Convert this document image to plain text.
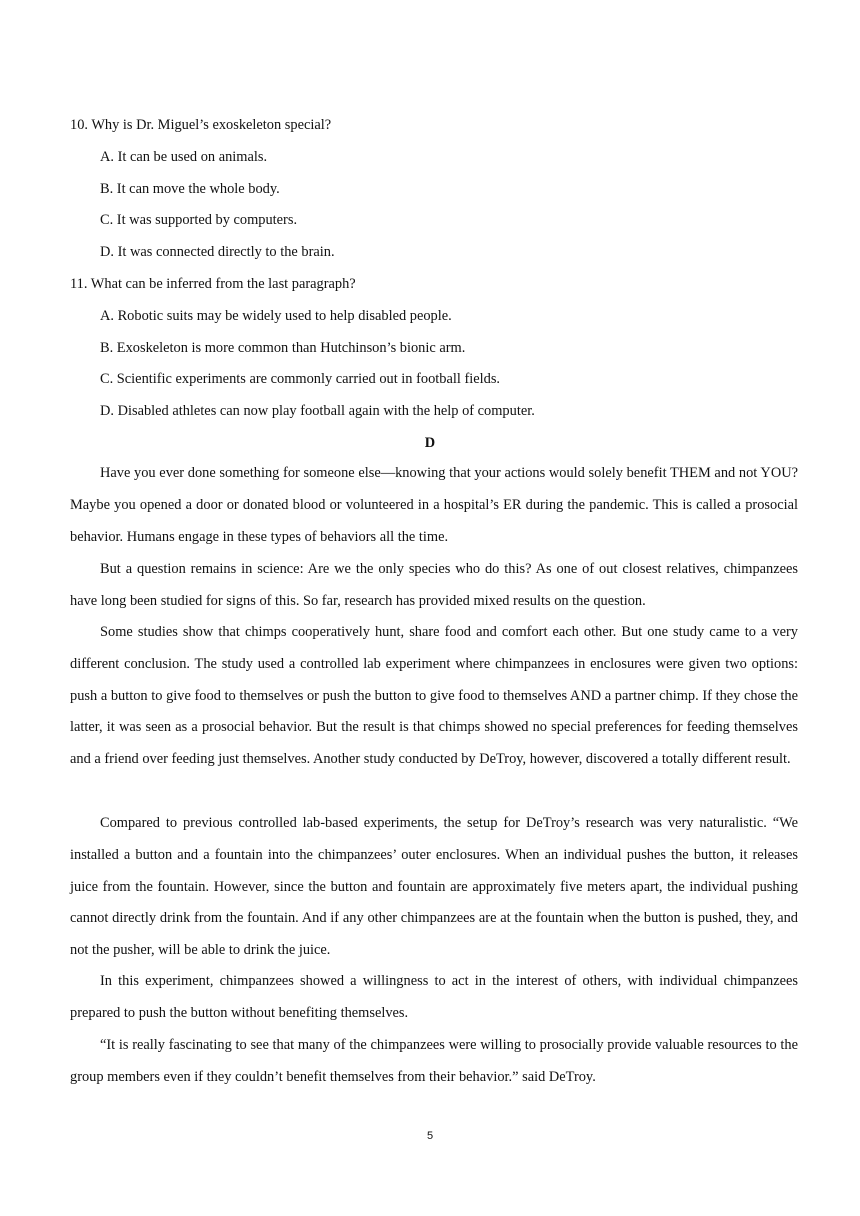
10. Why is Dr. Miguel’s exoskeleton special?
A. It can be used on animals.
B. It can move the whole body.
C. It was supported by computers.
D. It was connected directly to the brain.
11. What can be inferred from the last paragraph?
A. Robotic suits may be widely used to help disabled people.
B. Exoskeleton is more common than Hutchinson’s bionic arm.
C. Scientific experiments are commonly carried out in football fields.
D. Disabled athletes can now play football again with the help of computer.
D

Have you ever done something for someone else—knowing that your actions would solely benefit THEM and not YOU? Maybe you opened a door or donated blood or volunteered in a hospital’s ER during the pandemic. This is called a prosocial behavior. Humans engage in these types of behaviors all the time.

But a question remains in science: Are we the only species who do this? As one of out closest relatives, chimpanzees have long been studied for signs of this. So far, research has provided mixed results on the question.

Some studies show that chimps cooperatively hunt, share food and comfort each other. But one study came to a very different conclusion. The study used a controlled lab experiment where chimpanzees in enclosures were given two options: push a button to give food to themselves or push the button to give food to themselves AND a partner chimp. If they chose the latter, it was seen as a prosocial behavior. But the result is that chimps showed no special preferences for feeding themselves and a friend over feeding just themselves. Another study conducted by DeTroy, however, discovered a totally different result.

Compared to previous controlled lab-based experiments, the setup for DeTroy’s research was very naturalistic. “We installed a button and a fountain into the chimpanzees’ outer enclosures. When an individual pushes the button, it releases juice from the fountain. However, since the button and fountain are approximately five meters apart, the individual pushing cannot directly drink from the fountain. And if any other chimpanzees are at the fountain when the button is pushed, they, and not the pusher, will be able to drink the juice.

In this experiment, chimpanzees showed a willingness to act in the interest of others, with individual chimpanzees prepared to push the button without benefiting themselves.

“It is really fascinating to see that many of the chimpanzees were willing to prosocially provide valuable resources to the group members even if they couldn’t benefit themselves from their behavior.” said DeTroy.

5
